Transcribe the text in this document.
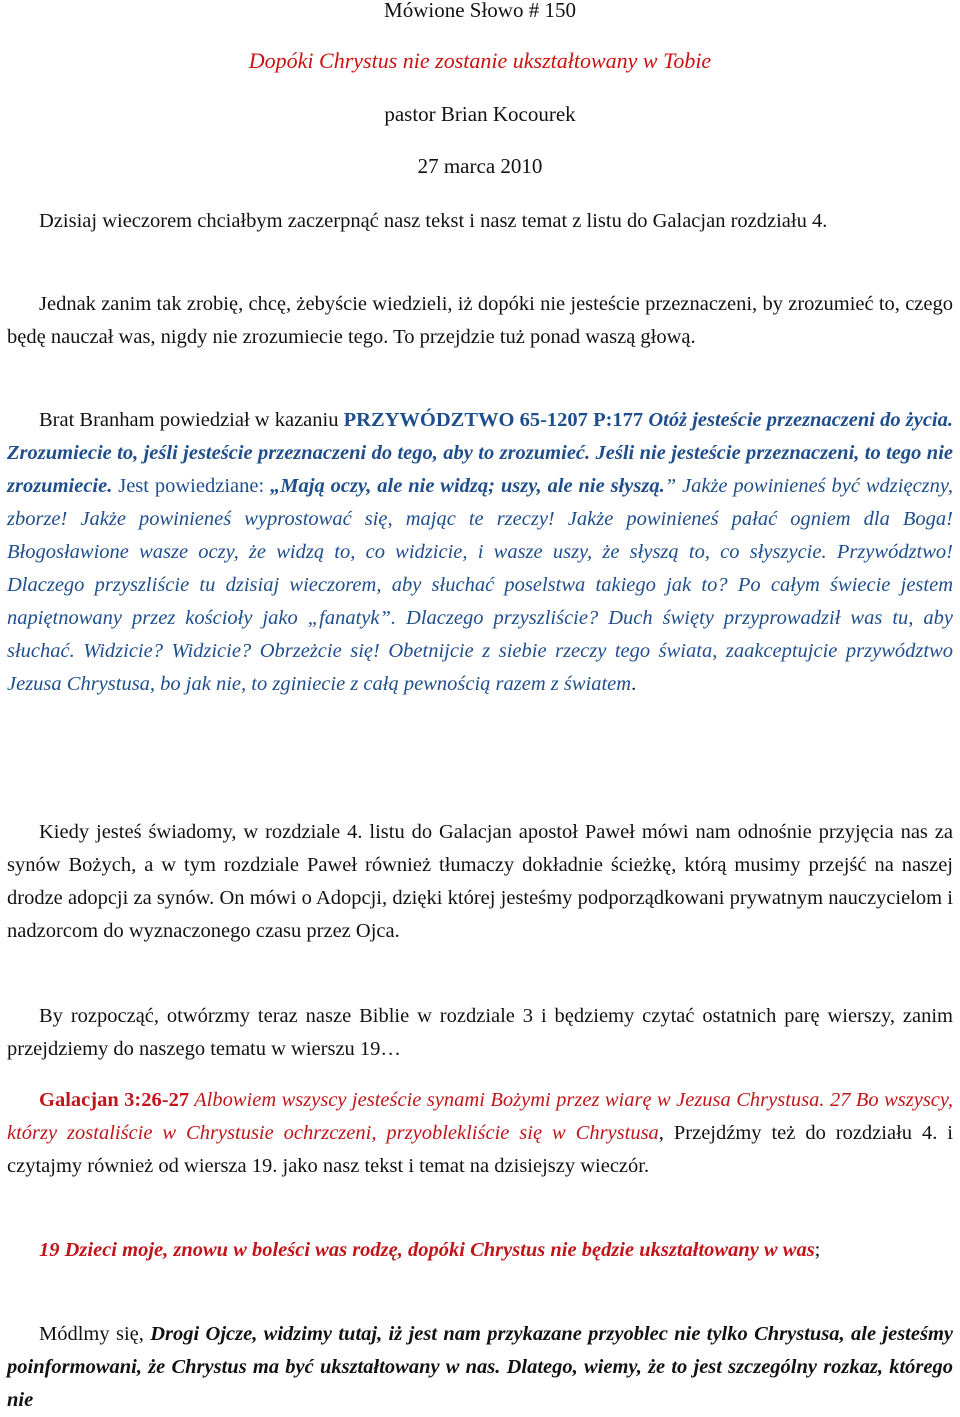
Mówione Słowo # 150
Dopóki Chrystus nie zostanie ukształtowany w Tobie
pastor Brian Kocourek
27 marca 2010
Dzisiaj wieczorem chciałbym zaczerpnąć nasz tekst i nasz temat z listu do Galacjan rozdziału 4.
Jednak zanim tak zrobię, chcę, żebyście wiedzieli, iż dopóki nie jesteście przeznaczeni, by zrozumieć to, czego będę nauczał was, nigdy nie zrozumiecie tego. To przejdzie tuż ponad waszą głową.
Brat Branham powiedział w kazaniu PRZYWÓDZTWO 65-1207 P:177 Otóż jesteście przeznaczeni do życia. Zrozumiecie to, jeśli jesteście przeznaczeni do tego, aby to zrozumieć. Jeśli nie jesteście przeznaczeni, to tego nie zrozumiecie. Jest powiedziane: „Mają oczy, ale nie widzą; uszy, ale nie słyszą.” Jakże powinieneś być wdzięczny, zborze! Jakże powinieneś wyprostować się, mając te rzeczy! Jakże powinieneś pałać ogniem dla Boga! Błogosławione wasze oczy, że widzą to, co widzicie, i wasze uszy, że słyszą to, co słyszycie. Przywództwo! Dlaczego przyszliście tu dzisiaj wieczorem, aby słuchać poselstwa takiego jak to? Po całym świecie jestem napiętnowany przez kościoły jako „fanatyk”. Dlaczego przyszliście? Duch święty przyprowadził was tu, aby słuchać. Widzicie? Widzicie? Obrzeżcie się! Obetnijcie z siebie rzeczy tego świata, zaakceptujcie przywództwo Jezusa Chrystusa, bo jak nie, to zginiecie z całą pewnością razem z światem.
Kiedy jesteś świadomy, w rozdziale 4. listu do Galacjan apostoł Paweł mówi nam odnośnie przyjęcia nas za synów Bożych, a w tym rozdziale Paweł również tłumaczy dokładnie ścieżkę, którą musimy przejść na naszej drodze adopcji za synów. On mówi o Adopcji, dzięki której jesteśmy podporządkowani prywatnym nauczycielom i nadzorcom do wyznaczonego czasu przez Ojca.
By rozpocząć, otwórzmy teraz nasze Biblie w rozdziale 3 i będziemy czytać ostatnich parę wierszy, zanim przejdziemy do naszego tematu w wierszu 19…
Galacjan 3:26-27 Albowiem wszyscy jesteście synami Bożymi przez wiarę w Jezusa Chrystusa. 27 Bo wszyscy, którzy zostaliście w Chrystusie ochrzczeni, przyoblekliście się w Chrystusa, Przejdźmy też do rozdziału 4. i czytajmy również od wiersza 19. jako nasz tekst i temat na dzisiejszy wieczór.
19 Dzieci moje, znowu w boleści was rodzę, dopóki Chrystus nie będzie ukształtowany w was;
Módlmy się, Drogi Ojcze, widzimy tutaj, iż jest nam przykazane przyoblec nie tylko Chrystusa, ale jesteśmy poinformowani, że Chrystus ma być ukształtowany w nas. Dlatego, wiemy, że to jest szczególny rozkaz, którego nie
